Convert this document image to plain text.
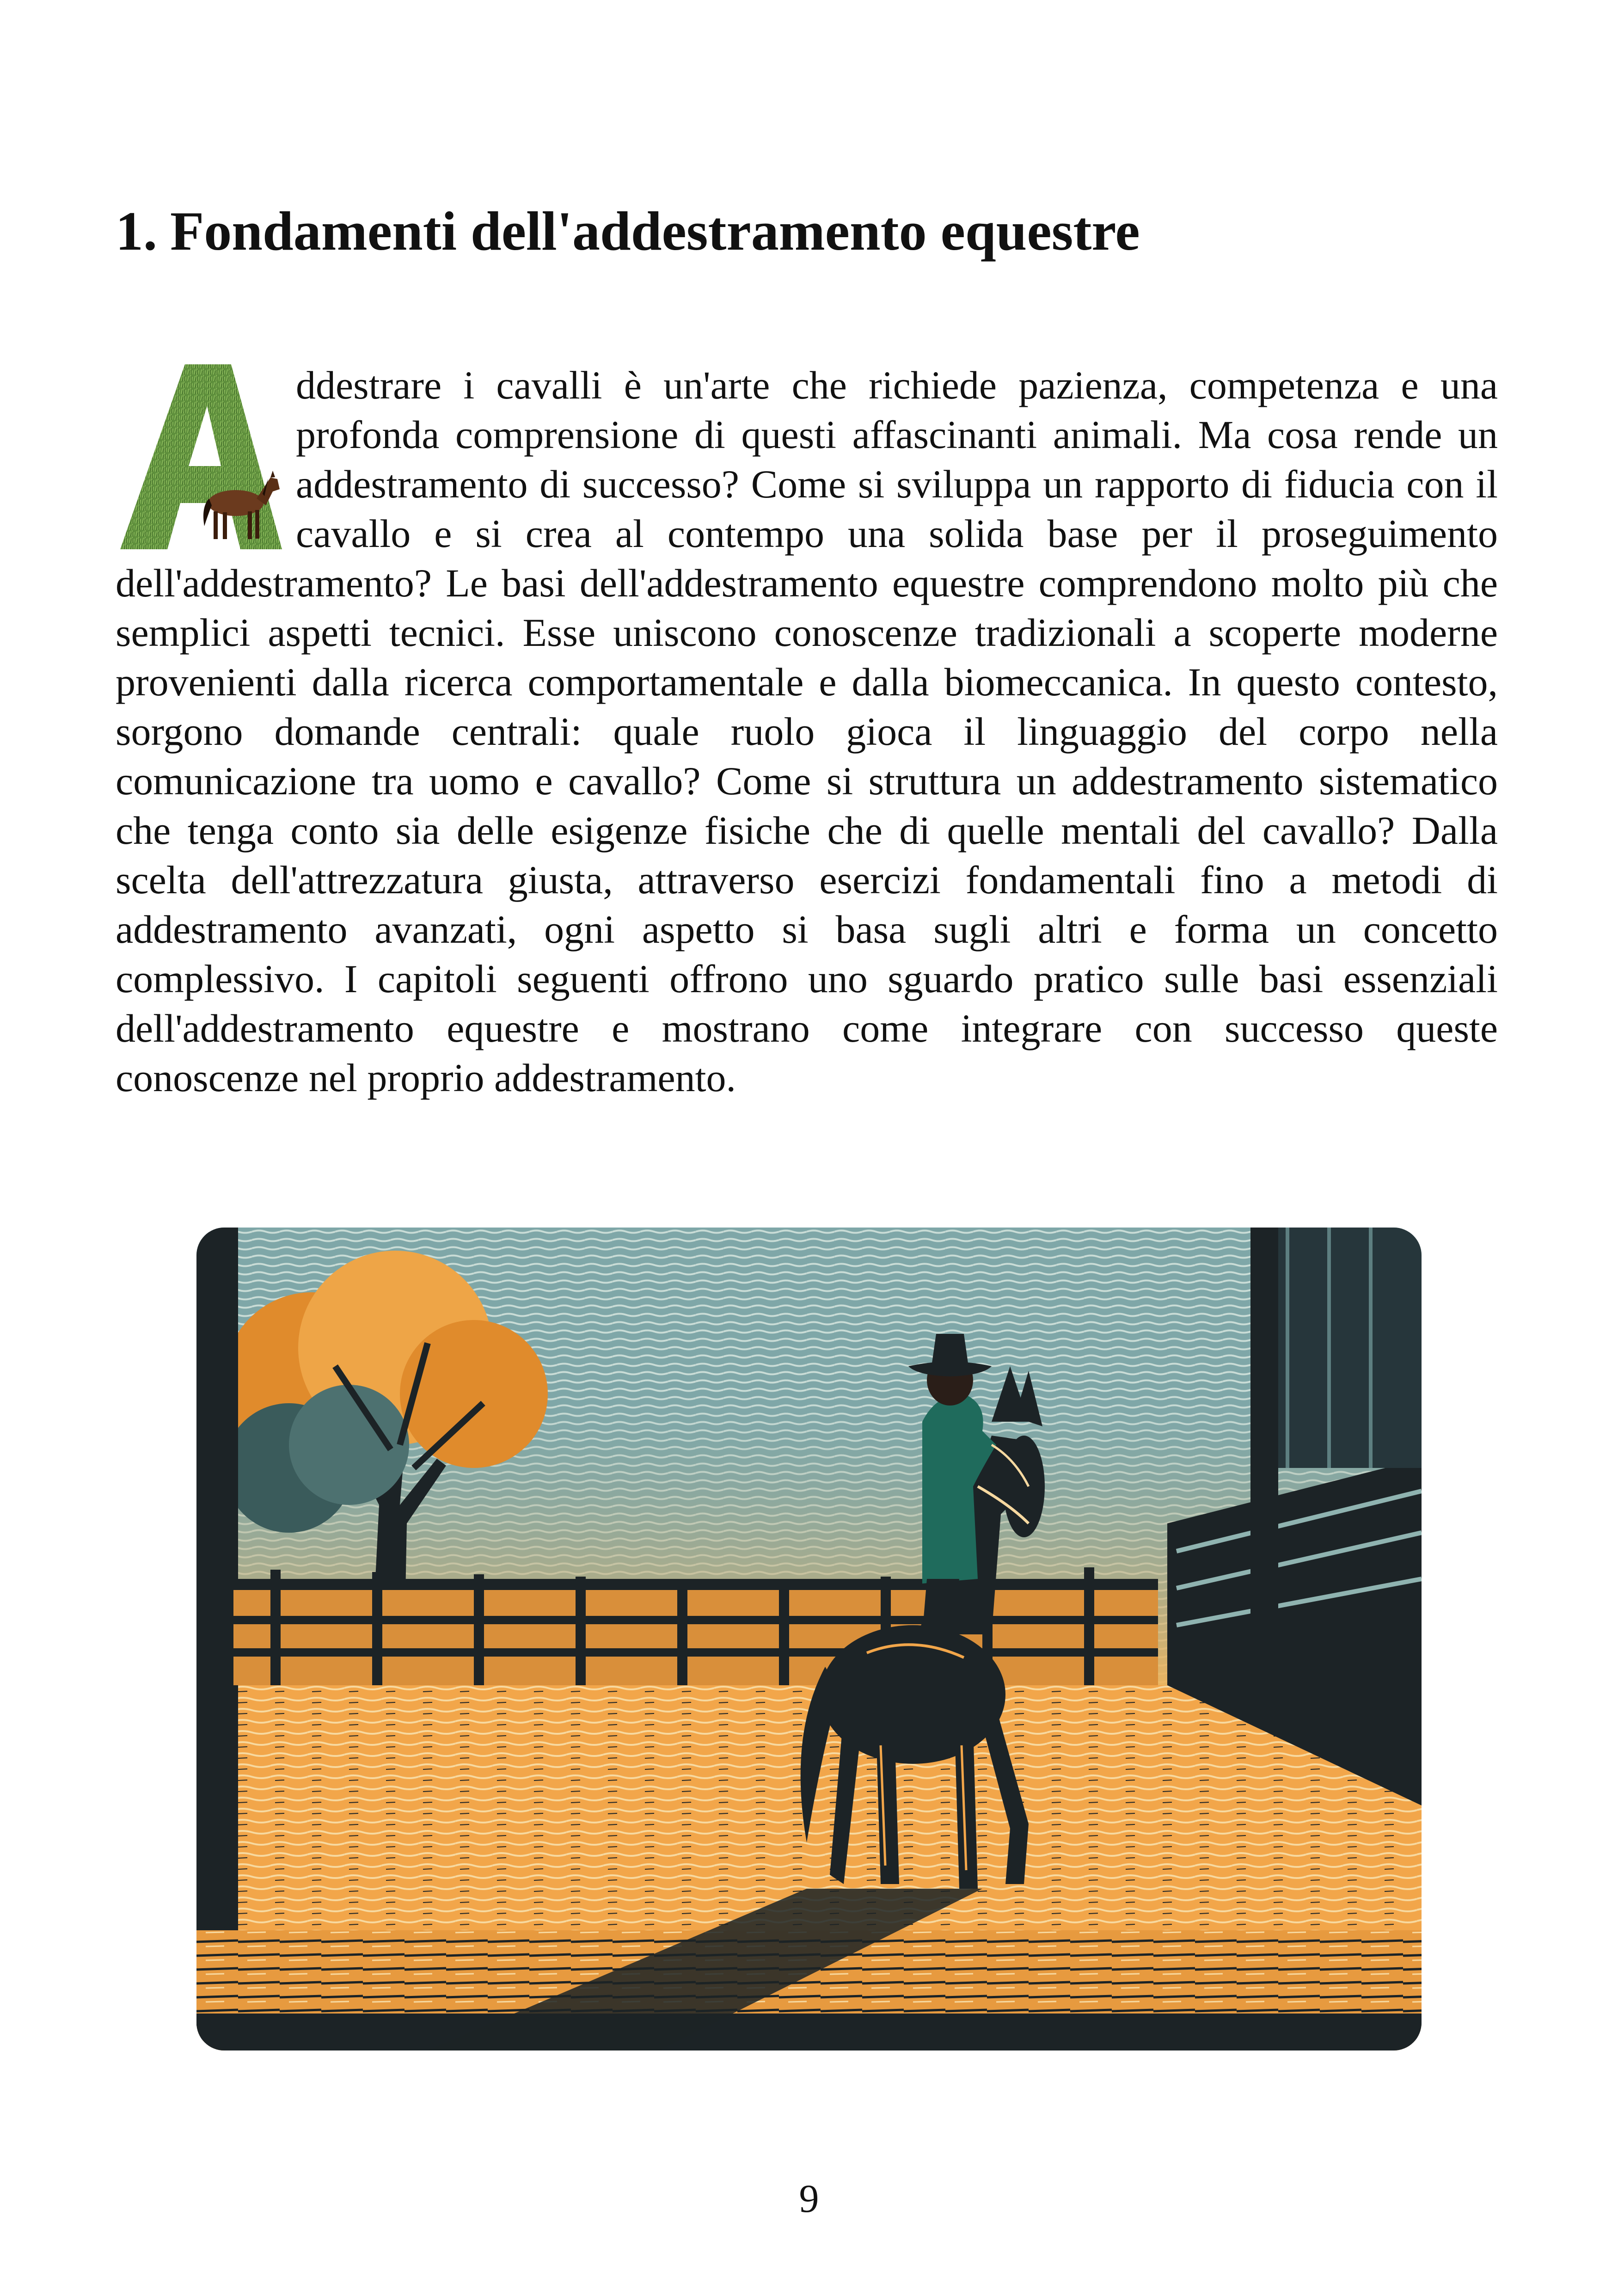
1. Fondamenti dell'addestramento equestre

A
ddestrare i cavalli è un'arte che richiede pazienza, competenza e una profonda comprensione di questi affascinanti animali. Ma cosa rende un addestramento di successo? Come si sviluppa un rapporto di fiducia con il cavallo e si crea al contempo una solida base per il proseguimento dell'addestramento? Le basi dell'addestramento equestre comprendono molto più che semplici aspetti tecnici. Esse uniscono conoscenze tradizionali a scoperte moderne provenienti dalla ricerca comportamentale e dalla biomeccanica. In questo contesto, sorgono domande centrali: quale ruolo gioca il linguaggio del corpo nella comunicazione tra uomo e cavallo? Come si struttura un addestramento sistematico che tenga conto sia delle esigenze fisiche che di quelle mentali del cavallo? Dalla scelta dell'attrezzatura giusta, attraverso esercizi fondamentali fino a metodi di addestramento avanzati, ogni aspetto si basa sugli altri e forma un concetto complessivo. I capitoli seguenti offrono uno sguardo pratico sulle basi essenziali dell'addestramento equestre e mostrano come integrare con successo queste conoscenze nel proprio addestramento.

9
